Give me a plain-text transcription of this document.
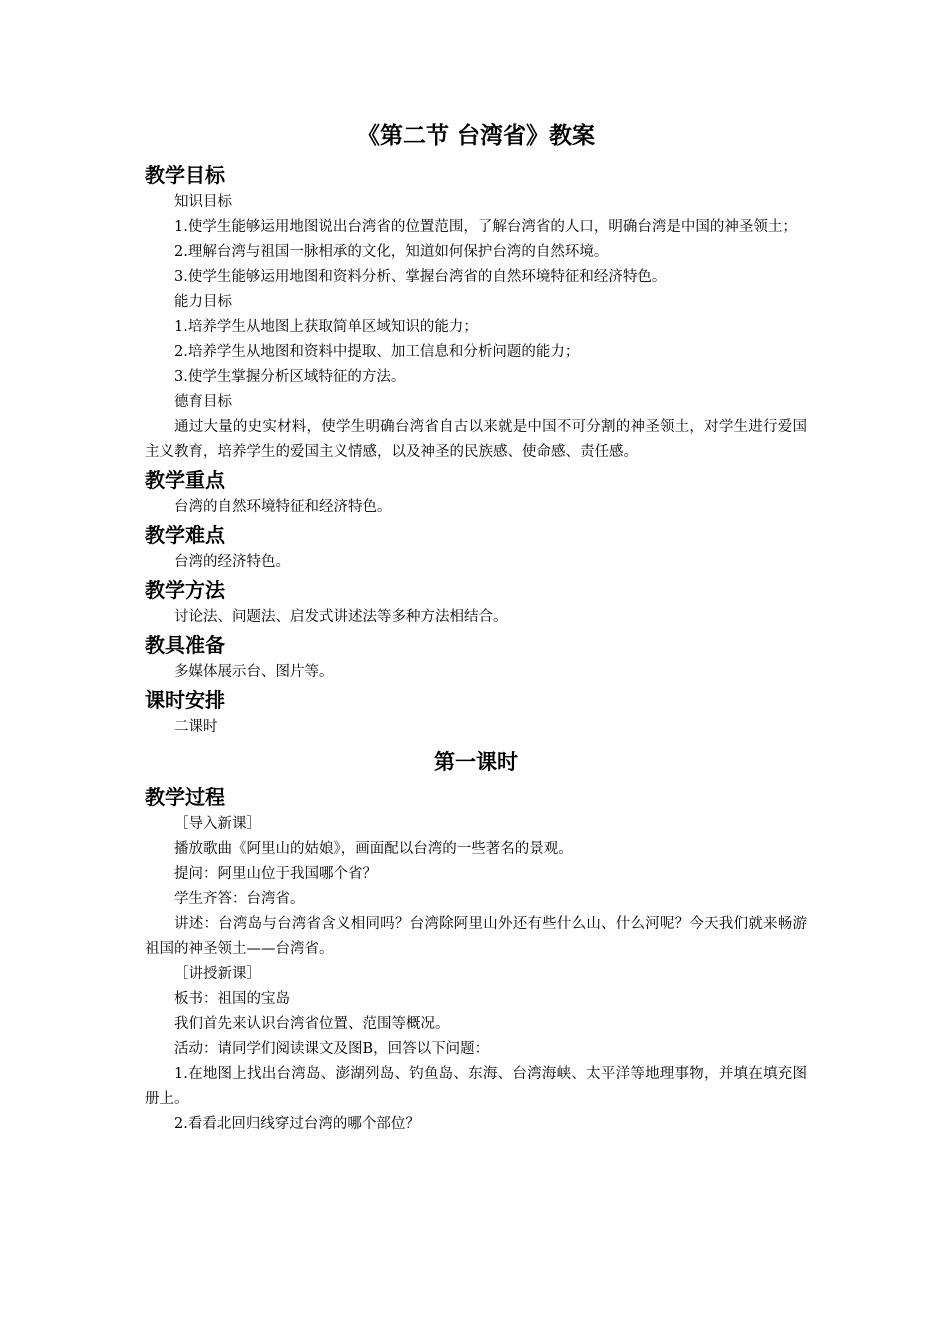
《第二节 台湾省》教案
教学目标

知识目标

1.使学生能够运用地图说出台湾省的位置范围，了解台湾省的人口，明确台湾是中国的神圣领土；

2.理解台湾与祖国一脉相承的文化，知道如何保护台湾的自然环境。

3.使学生能够运用地图和资料分析、掌握台湾省的自然环境特征和经济特色。

能力目标

1.培养学生从地图上获取简单区域知识的能力；

2.培养学生从地图和资料中提取、加工信息和分析问题的能力；

3.使学生掌握分析区域特征的方法。

德育目标

通过大量的史实材料，使学生明确台湾省自古以来就是中国不可分割的神圣领土，对学生进行爱国主义教育，培养学生的爱国主义情感，以及神圣的民族感、使命感、责任感。

教学重点

台湾的自然环境特征和经济特色。

教学难点

台湾的经济特色。

教学方法

讨论法、问题法、启发式讲述法等多种方法相结合。

教具准备

多媒体展示台、图片等。

课时安排

二课时

第一课时
教学过程

［导入新课］

播放歌曲《阿里山的姑娘》，画面配以台湾的一些著名的景观。

提问：阿里山位于我国哪个省？

学生齐答：台湾省。

讲述：台湾岛与台湾省含义相同吗？台湾除阿里山外还有些什么山、什么河呢？今天我们就来畅游祖国的神圣领土——台湾省。

［讲授新课］

板书：祖国的宝岛

我们首先来认识台湾省位置、范围等概况。

活动：请同学们阅读课文及图B，回答以下问题：

1.在地图上找出台湾岛、澎湖列岛、钓鱼岛、东海、台湾海峡、太平洋等地理事物，并填在填充图册上。

2.看看北回归线穿过台湾的哪个部位？
